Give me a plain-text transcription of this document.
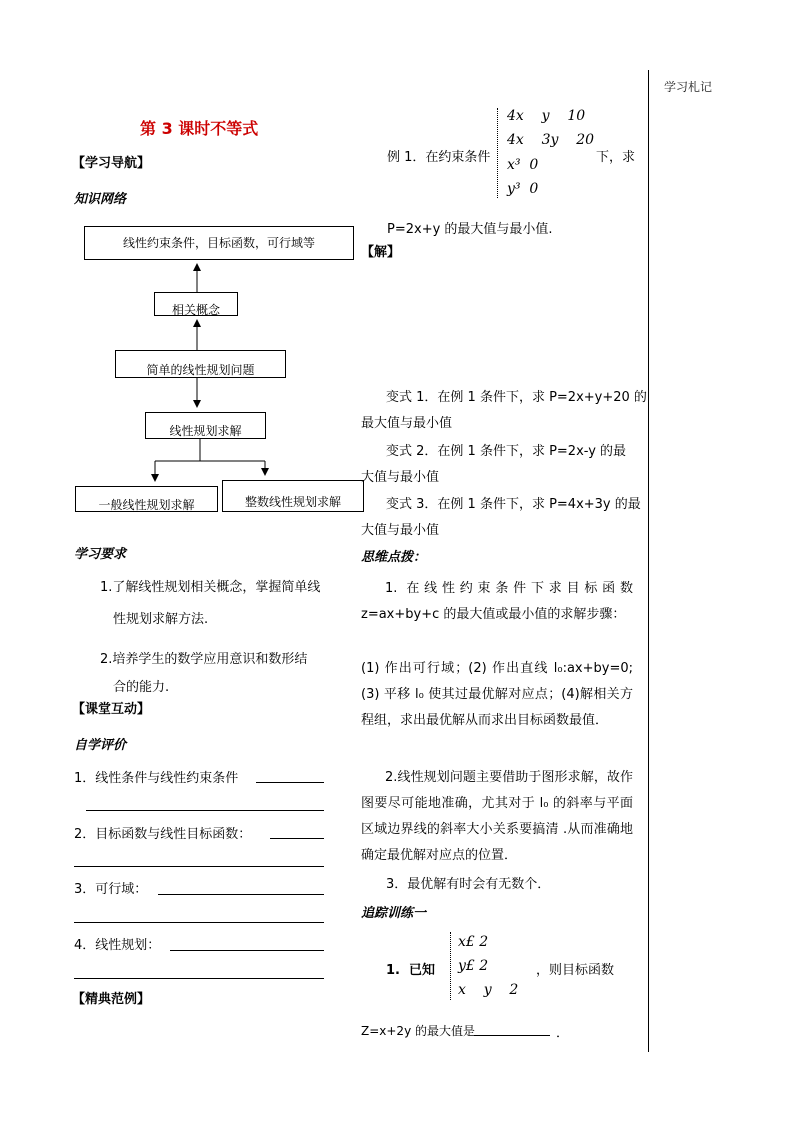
学习札记
第 3 课时不等式
【学习导航】
知识网络
线性约束条件，目标函数，可行域等
相关概念
简单的线性规划问题
线性规划求解
一般线性规划求解	整数线性规划求解
学习要求
1.了解线性规划相关概念，掌握简单线
性规划求解方法.
2.培养学生的数学应用意识和数形结
合的能力.
【课堂互动】
自学评价
1．线性条件与线性约束条件
2．目标函数与线性目标函数：
3．可行域：
4．线性规划：
【精典范例】
例 1．在约束条件
4x    y    10
4x    3y    20
x³  0
y³  0
下，求
P=2x+y 的最大值与最小值.
【解】
变式 1．在例 1 条件下，求 P=2x+y+20 的
最大值与最小值
变式 2．在例 1 条件下，求 P=2x-y 的最
大值与最小值
变式 3．在例 1 条件下，求 P=4x+3y 的最
大值与最小值
思维点拨：
1. 在线性约束条件下求目标函数 z=ax+by+c 的最大值或最小值的求解步骤：
(1) 作出可行域；(2) 作出直线 l₀:ax+by=0;(3) 平移 l₀ 使其过最优解对应点；(4)解相关方程组，求出最优解从而求出目标函数最值．
2.线性规划问题主要借助于图形求解，故作图要尽可能地准确，尤其对于 l₀ 的斜率与平面区域边界线的斜率大小关系要搞清 .从而准确地确定最优解对应点的位置．
3．最优解有时会有无数个．
追踪训练一
1.  已知
x£ 2
y£ 2
x    y    2
，则目标函数
Z=x+2y 的最大值是	．
